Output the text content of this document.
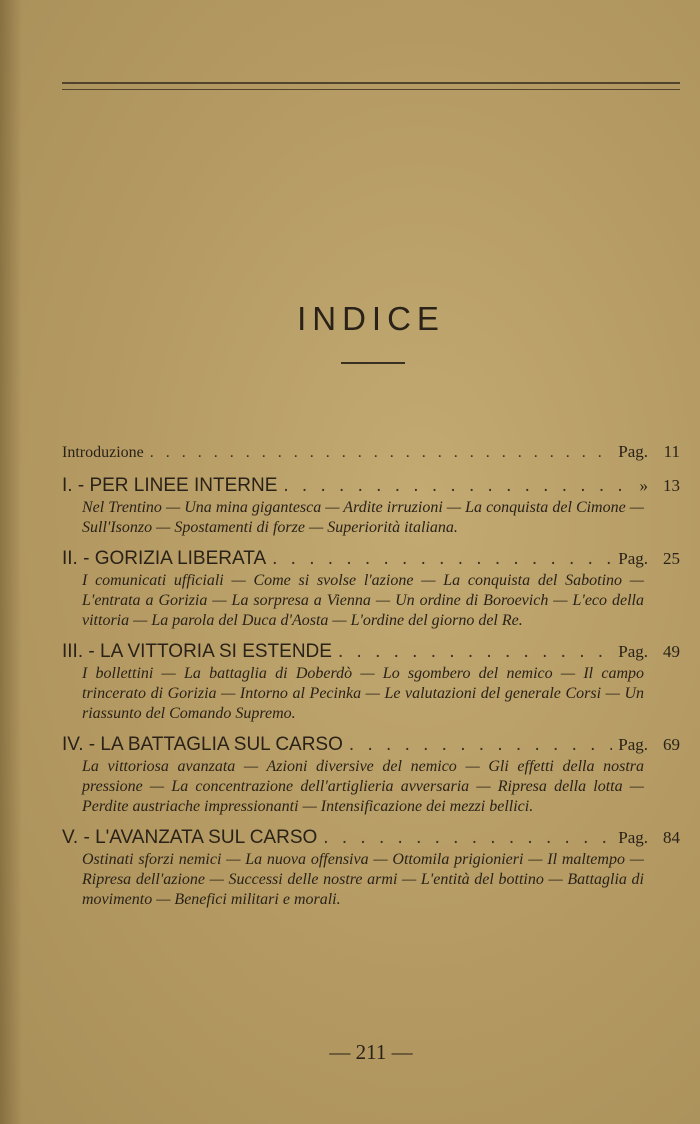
INDICE
Introduzione . . .	Pag. 11
I. - PER LINEE INTERNE . . .	» 13
Nel Trentino — Una mina gigantesca — Ardite irruzioni — La conquista del Cimone — Sull'Isonzo — Spostamenti di forze — Superiorità italiana.
II. - GORIZIA LIBERATA . . .	Pag. 25
I comunicati ufficiali — Come si svolse l'azione — La conquista del Sabotino — L'entrata a Gorizia — La sorpresa a Vienna — Un ordine di Boroevich — L'eco della vittoria — La parola del Duca d'Aosta — L'ordine del giorno del Re.
III. - LA VITTORIA SI ESTENDE . . .	Pag. 49
I bollettini — La battaglia di Doberdò — Lo sgombero del nemico — Il campo trincerato di Gorizia — Intorno al Pecinka — Le valutazioni del generale Corsi — Un riassunto del Comando Supremo.
IV. - LA BATTAGLIA SUL CARSO . . .	Pag. 69
La vittoriosa avanzata — Azioni diversive del nemico — Gli effetti della nostra pressione — La concentrazione dell'artiglieria avversaria — Ripresa della lotta — Perdite austriache impressionanti — Intensificazione dei mezzi bellici.
V. - L'AVANZATA SUL CARSO . . .	Pag. 84
Ostinati sforzi nemici — La nuova offensiva — Ottomila prigionieri — Il maltempo — Ripresa dell'azione — Successi delle nostre armi — L'entità del bottino — Battaglia di movimento — Benefici militari e morali.
— 211 —
